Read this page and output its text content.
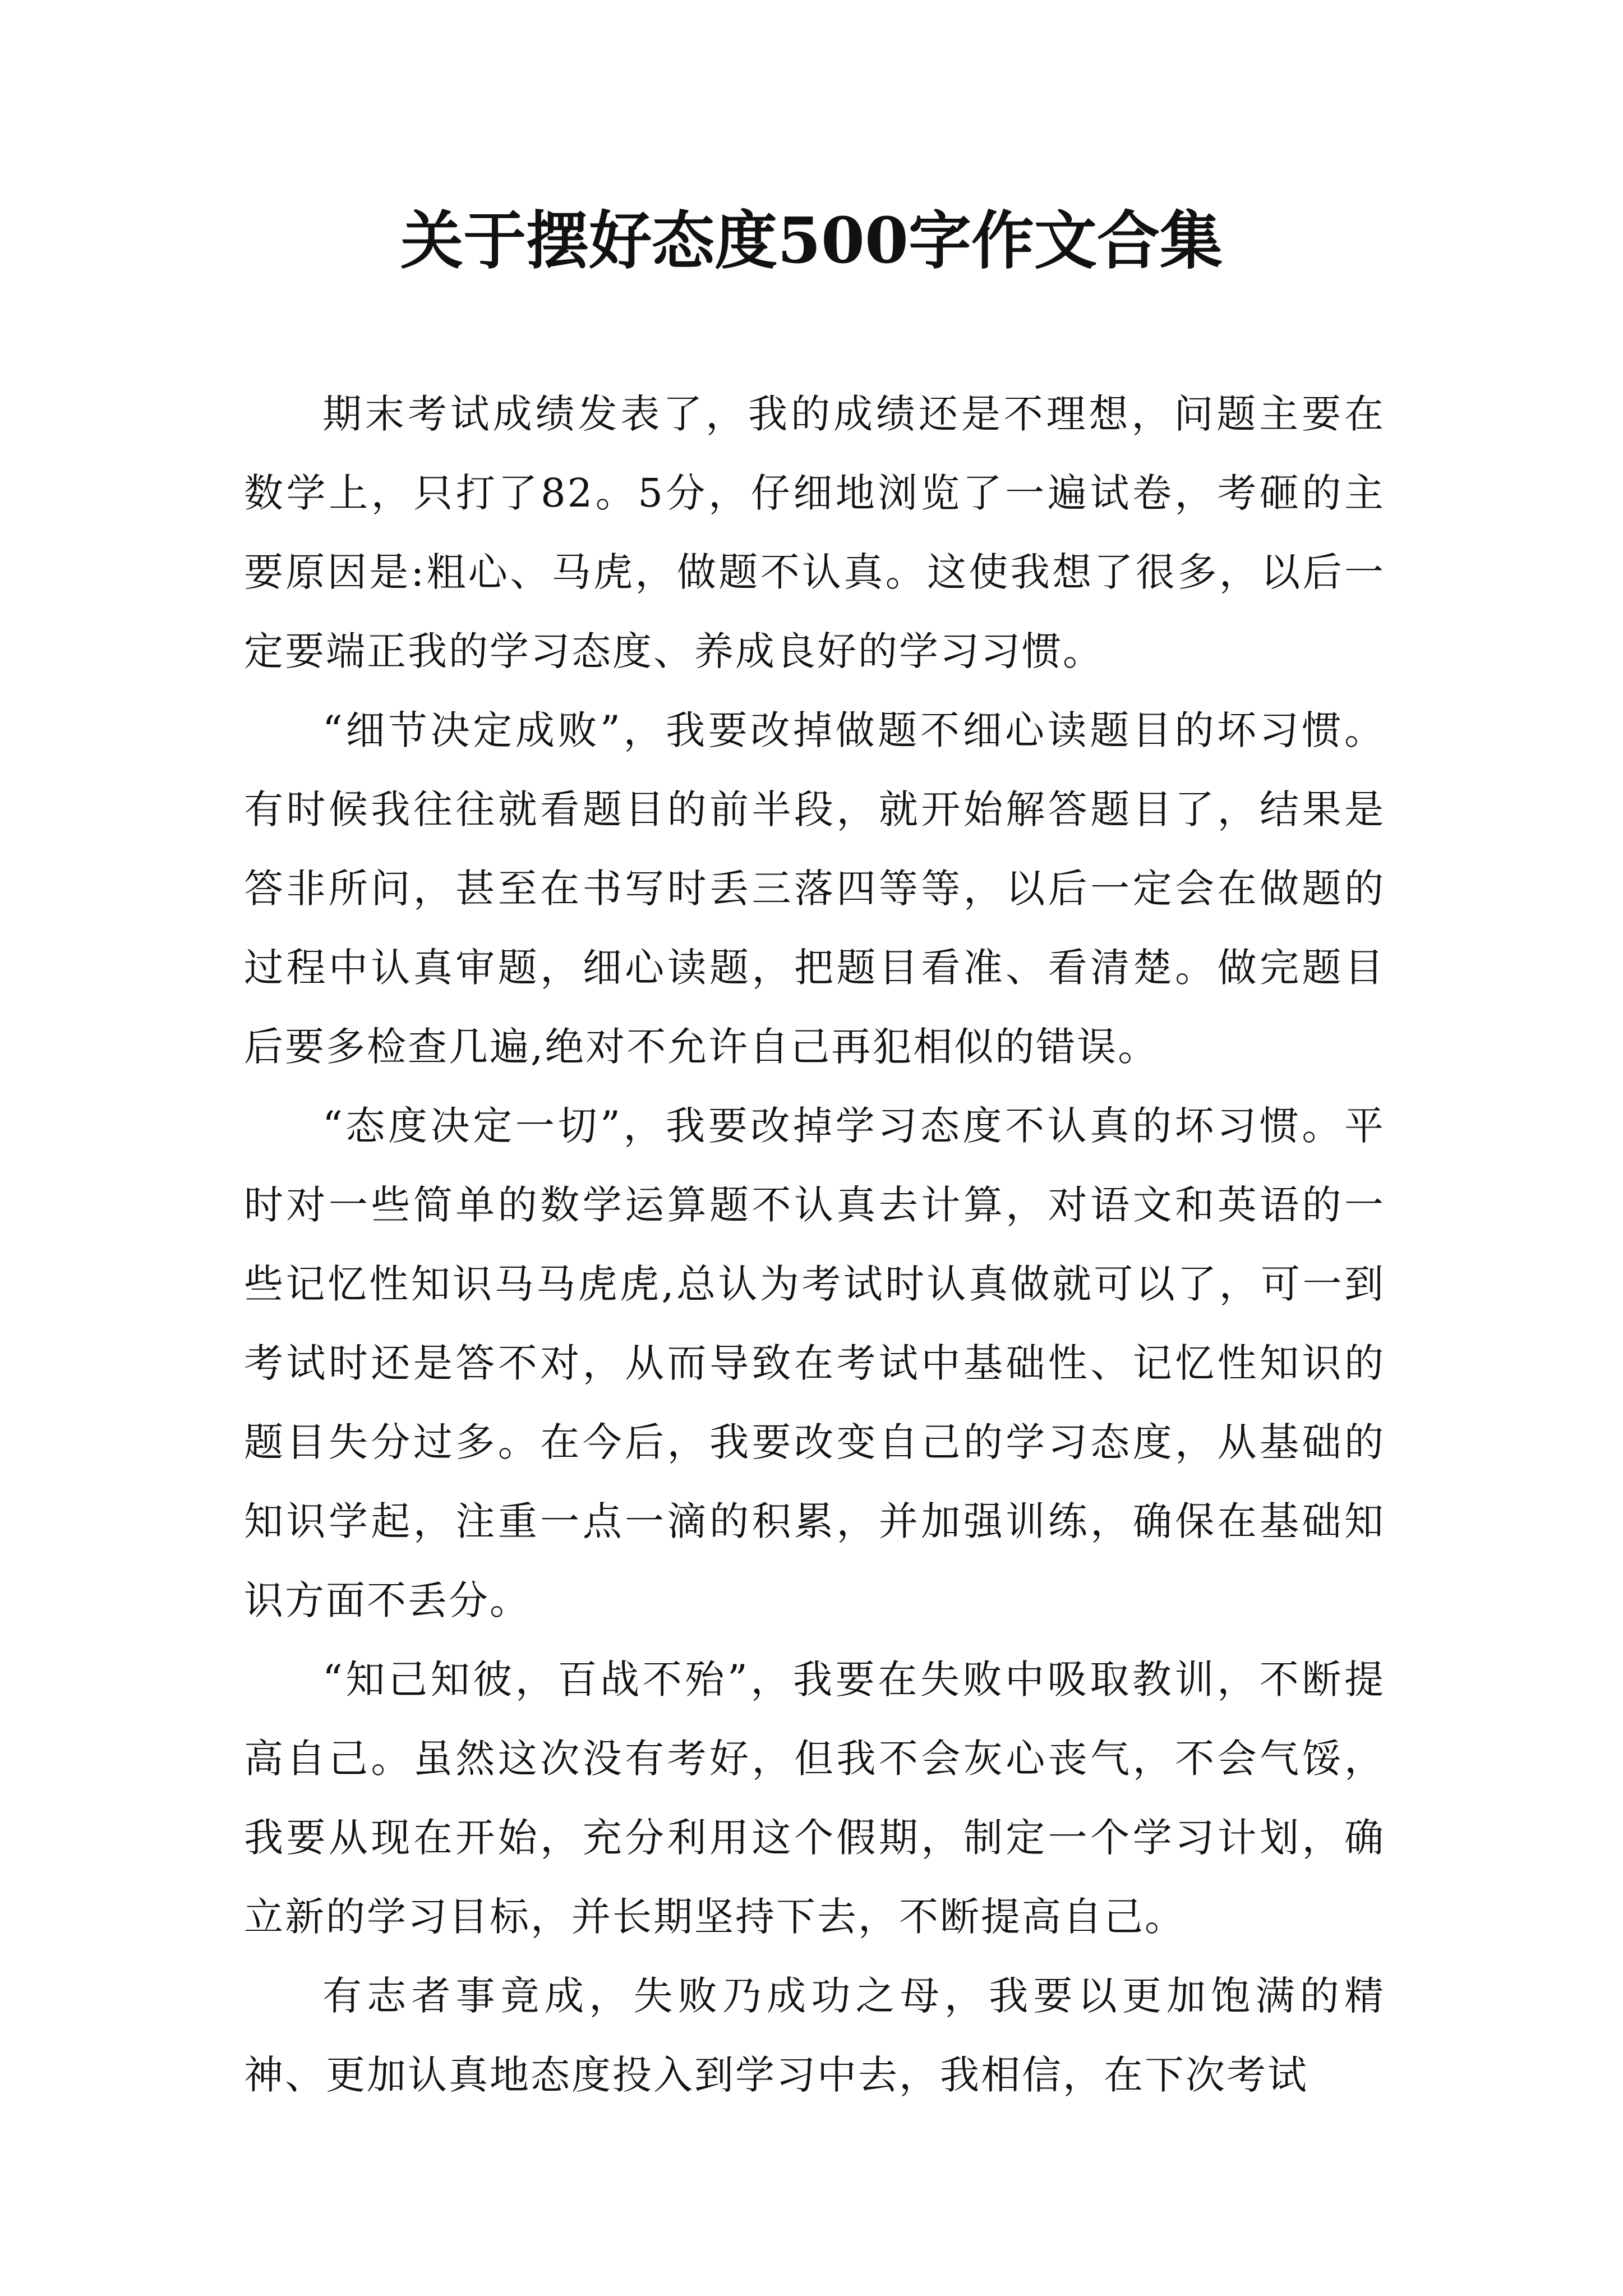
关于摆好态度500字作文合集

期末考试成绩发表了，我的成绩还是不理想，问题主要在数学上，只打了82。5分，仔细地浏览了一遍试卷，考砸的主要原因是:粗心、马虎，做题不认真。这使我想了很多，以后一定要端正我的学习态度、养成良好的学习习惯。

“细节决定成败”，我要改掉做题不细心读题目的坏习惯。有时候我往往就看题目的前半段，就开始解答题目了，结果是答非所问，甚至在书写时丢三落四等等，以后一定会在做题的过程中认真审题，细心读题，把题目看准、看清楚。做完题目后要多检查几遍,绝对不允许自己再犯相似的错误。

“态度决定一切”，我要改掉学习态度不认真的坏习惯。平时对一些简单的数学运算题不认真去计算，对语文和英语的一些记忆性知识马马虎虎,总认为考试时认真做就可以了，可一到考试时还是答不对，从而导致在考试中基础性、记忆性知识的题目失分过多。在今后，我要改变自己的学习态度，从基础的知识学起，注重一点一滴的积累，并加强训练，确保在基础知识方面不丢分。

“知己知彼，百战不殆”，我要在失败中吸取教训，不断提高自己。虽然这次没有考好，但我不会灰心丧气，不会气馁，我要从现在开始，充分利用这个假期，制定一个学习计划，确立新的学习目标，并长期坚持下去，不断提高自己。

有志者事竟成，失败乃成功之母，我要以更加饱满的精神、更加认真地态度投入到学习中去，我相信，在下次考试
